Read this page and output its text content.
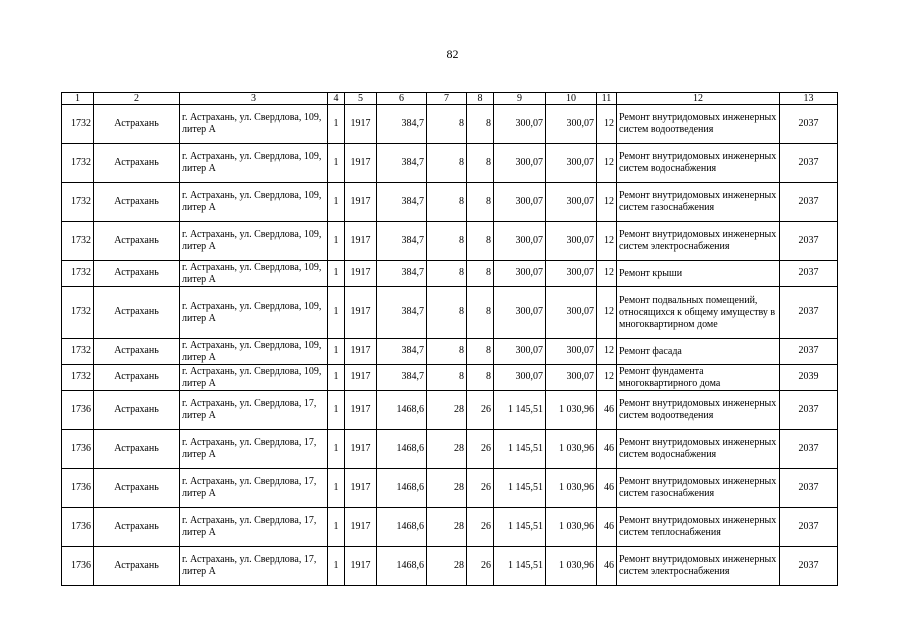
82
1	2	3	4	5	6	7	8	9	10	11	12	13
1732	Астрахань	г. Астрахань, ул. Свердлова, 109, литер А	1	1917	384,7	8	8	300,07	300,07	12	Ремонт внутридомовых инженерных систем водоотведения	2037
1732	Астрахань	г. Астрахань, ул. Свердлова, 109, литер А	1	1917	384,7	8	8	300,07	300,07	12	Ремонт внутридомовых инженерных систем водоснабжения	2037
1732	Астрахань	г. Астрахань, ул. Свердлова, 109, литер А	1	1917	384,7	8	8	300,07	300,07	12	Ремонт внутридомовых инженерных систем газоснабжения	2037
1732	Астрахань	г. Астрахань, ул. Свердлова, 109, литер А	1	1917	384,7	8	8	300,07	300,07	12	Ремонт внутридомовых инженерных систем электроснабжения	2037
1732	Астрахань	г. Астрахань, ул. Свердлова, 109, литер А	1	1917	384,7	8	8	300,07	300,07	12	Ремонт крыши	2037
1732	Астрахань	г. Астрахань, ул. Свердлова, 109, литер А	1	1917	384,7	8	8	300,07	300,07	12	Ремонт подвальных помещений, относящихся к общему имуществу в многоквартирном доме	2037
1732	Астрахань	г. Астрахань, ул. Свердлова, 109, литер А	1	1917	384,7	8	8	300,07	300,07	12	Ремонт фасада	2037
1732	Астрахань	г. Астрахань, ул. Свердлова, 109, литер А	1	1917	384,7	8	8	300,07	300,07	12	Ремонт фундамента многоквартирного дома	2039
1736	Астрахань	г. Астрахань, ул. Свердлова, 17, литер А	1	1917	1468,6	28	26	1 145,51	1 030,96	46	Ремонт внутридомовых инженерных систем водоотведения	2037
1736	Астрахань	г. Астрахань, ул. Свердлова, 17, литер А	1	1917	1468,6	28	26	1 145,51	1 030,96	46	Ремонт внутридомовых инженерных систем водоснабжения	2037
1736	Астрахань	г. Астрахань, ул. Свердлова, 17, литер А	1	1917	1468,6	28	26	1 145,51	1 030,96	46	Ремонт внутридомовых инженерных систем газоснабжения	2037
1736	Астрахань	г. Астрахань, ул. Свердлова, 17, литер А	1	1917	1468,6	28	26	1 145,51	1 030,96	46	Ремонт внутридомовых инженерных систем теплоснабжения	2037
1736	Астрахань	г. Астрахань, ул. Свердлова, 17, литер А	1	1917	1468,6	28	26	1 145,51	1 030,96	46	Ремонт внутридомовых инженерных систем электроснабжения	2037
